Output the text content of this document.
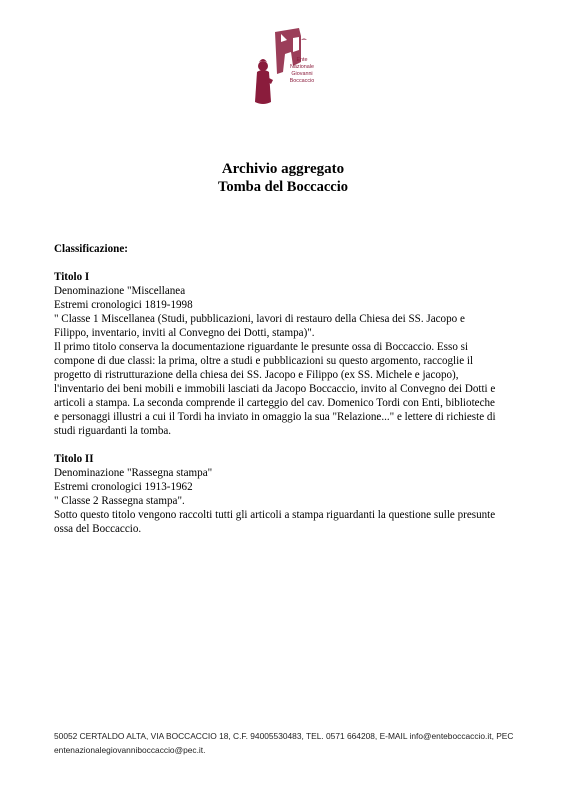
Ente
Nazionale
Giovanni
Boccaccio
Archivio aggregato
Tomba del Boccaccio

Classificazione:

Titolo I

Denominazione "Miscellanea

Estremi cronologici 1819-1998

" Classe 1 Miscellanea (Studi, pubblicazioni, lavori di restauro della Chiesa dei SS. Jacopo e

Filippo, inventario, inviti al Convegno dei Dotti, stampa)".

Il primo titolo conserva la documentazione riguardante le presunte ossa di Boccaccio. Esso si

compone di due classi: la prima, oltre a studi e pubblicazioni su questo argomento, raccoglie il

progetto di ristrutturazione della chiesa dei SS. Jacopo e Filippo (ex SS. Michele e jacopo),

l'inventario dei beni mobili e immobili lasciati da Jacopo Boccaccio, invito al Convegno dei Dotti e

articoli a stampa. La seconda comprende il carteggio del cav. Domenico Tordi con Enti, biblioteche

e personaggi illustri a cui il Tordi ha inviato in omaggio la sua "Relazione..." e lettere di richieste di

studi riguardanti la tomba.

Titolo II

Denominazione "Rassegna stampa"

Estremi cronologici 1913-1962

" Classe 2 Rassegna stampa".

Sotto questo titolo vengono raccolti tutti gli articoli a stampa riguardanti la questione sulle presunte

ossa del Boccaccio.

50052 CERTALDO ALTA, VIA BOCCACCIO 18, C.F. 94005530483, TEL. 0571 664208, E-MAIL info@enteboccaccio.it, PEC

entenazionalegiovanniboccaccio@pec.it.
